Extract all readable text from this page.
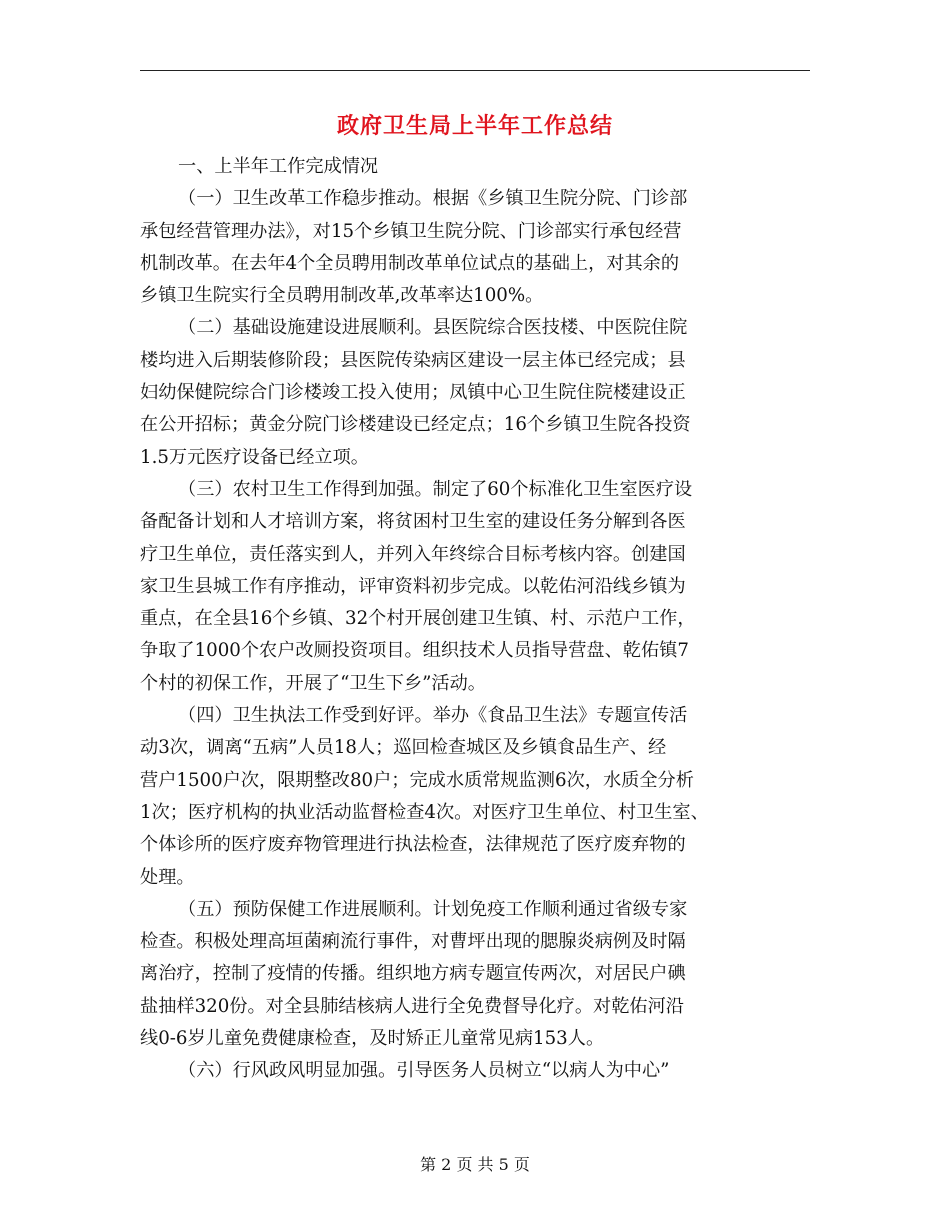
政府卫生局上半年工作总结
一、上半年工作完成情况
（一）卫生改革工作稳步推动。根据《乡镇卫生院分院、门诊部
承包经营管理办法》，对15个乡镇卫生院分院、门诊部实行承包经营
机制改革。在去年4个全员聘用制改革单位试点的基础上，对其余的
乡镇卫生院实行全员聘用制改革,改革率达100%。
（二）基础设施建设进展顺利。县医院综合医技楼、中医院住院
楼均进入后期装修阶段；县医院传染病区建设一层主体已经完成；县
妇幼保健院综合门诊楼竣工投入使用；凤镇中心卫生院住院楼建设正
在公开招标；黄金分院门诊楼建设已经定点；16个乡镇卫生院各投资
1.5万元医疗设备已经立项。
（三）农村卫生工作得到加强。制定了60个标准化卫生室医疗设
备配备计划和人才培训方案，将贫困村卫生室的建设任务分解到各医
疗卫生单位，责任落实到人，并列入年终综合目标考核内容。创建国
家卫生县城工作有序推动，评审资料初步完成。以乾佑河沿线乡镇为
重点，在全县16个乡镇、32个村开展创建卫生镇、村、示范户工作，
争取了1000个农户改厕投资项目。组织技术人员指导营盘、乾佑镇7
个村的初保工作，开展了“卫生下乡”活动。
（四）卫生执法工作受到好评。举办《食品卫生法》专题宣传活
动3次，调离“五病”人员18人；巡回检查城区及乡镇食品生产、经
营户1500户次，限期整改80户；完成水质常规监测6次，水质全分析
1次；医疗机构的执业活动监督检查4次。对医疗卫生单位、村卫生室、
个体诊所的医疗废弃物管理进行执法检查，法律规范了医疗废弃物的
处理。
（五）预防保健工作进展顺利。计划免疫工作顺利通过省级专家
检查。积极处理高垣菌痢流行事件，对曹坪出现的腮腺炎病例及时隔
离治疗，控制了疫情的传播。组织地方病专题宣传两次，对居民户碘
盐抽样320份。对全县肺结核病人进行全免费督导化疗。对乾佑河沿
线0-6岁儿童免费健康检查，及时矫正儿童常见病153人。
（六）行风政风明显加强。引导医务人员树立“以病人为中心”
第 2 页 共 5 页
